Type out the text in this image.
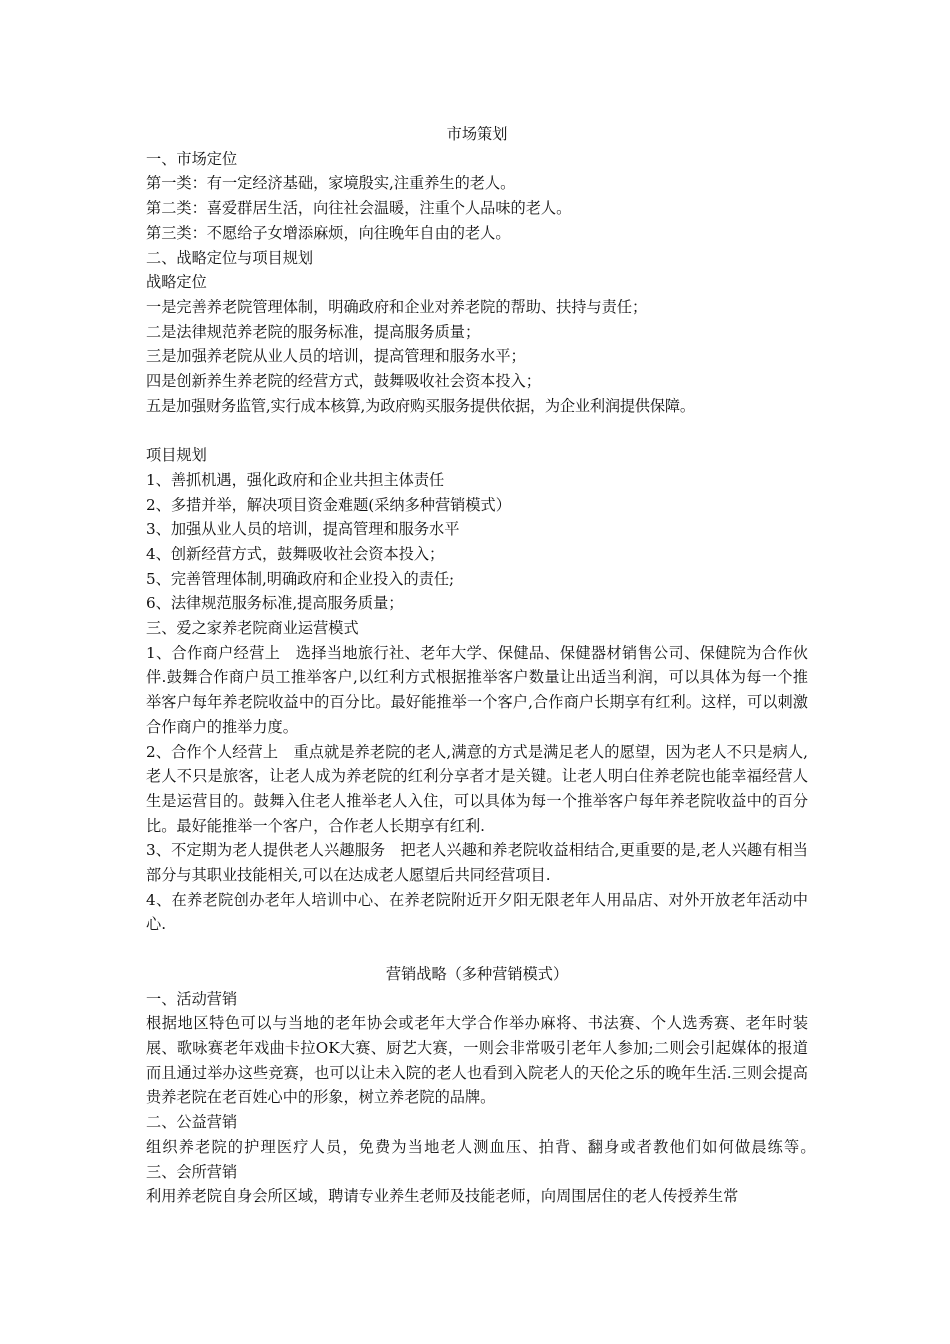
市场策划
一、市场定位
第一类：有一定经济基础，家境殷实,注重养生的老人。
第二类：喜爱群居生活，向往社会温暖，注重个人品味的老人。
第三类：不愿给子女增添麻烦，向往晚年自由的老人。
二、战略定位与项目规划
战略定位
一是完善养老院管理体制，明确政府和企业对养老院的帮助、扶持与责任；
二是法律规范养老院的服务标准，提高服务质量；
三是加强养老院从业人员的培训，提高管理和服务水平；
四是创新养生养老院的经营方式，鼓舞吸收社会资本投入；
五是加强财务监管,实行成本核算,为政府购买服务提供依据，为企业利润提供保障。
项目规划
1、善抓机遇，强化政府和企业共担主体责任
2、多措并举，解决项目资金难题(采纳多种营销模式）
3、加强从业人员的培训，提高管理和服务水平
4、创新经营方式，鼓舞吸收社会资本投入；
5、完善管理体制,明确政府和企业投入的责任;
6、法律规范服务标准,提高服务质量；
三、爱之家养老院商业运营模式
1、合作商户经营上　选择当地旅行社、老年大学、保健品、保健器材销售公司、保健院为合作伙伴.鼓舞合作商户员工推举客户,以红利方式根据推举客户数量让出适当利润，可以具体为每一个推举客户每年养老院收益中的百分比。最好能推举一个客户,合作商户长期享有红利。这样，可以刺激合作商户的推举力度。
2、合作个人经营上　重点就是养老院的老人,满意的方式是满足老人的愿望，因为老人不只是病人,老人不只是旅客，让老人成为养老院的红利分享者才是关键。让老人明白住养老院也能幸福经营人生是运营目的。鼓舞入住老人推举老人入住，可以具体为每一个推举客户每年养老院收益中的百分比。最好能推举一个客户，合作老人长期享有红利.
3、不定期为老人提供老人兴趣服务　把老人兴趣和养老院收益相结合,更重要的是,老人兴趣有相当部分与其职业技能相关,可以在达成老人愿望后共同经营项目.
4、在养老院创办老年人培训中心、在养老院附近开夕阳无限老年人用品店、对外开放老年活动中心.
营销战略（多种营销模式）
一、活动营销
根据地区特色可以与当地的老年协会或老年大学合作举办麻将、书法赛、个人选秀赛、老年时装展、歌咏赛老年戏曲卡拉OK大赛、厨艺大赛，一则会非常吸引老年人参加;二则会引起媒体的报道而且通过举办这些竞赛，也可以让未入院的老人也看到入院老人的天伦之乐的晚年生活.三则会提高贵养老院在老百姓心中的形象，树立养老院的品牌。
二、公益营销
组织养老院的护理医疗人员，免费为当地老人测血压、拍背、翻身或者教他们如何做晨练等。　　三、会所营销
利用养老院自身会所区域，聘请专业养生老师及技能老师，向周围居住的老人传授养生常
